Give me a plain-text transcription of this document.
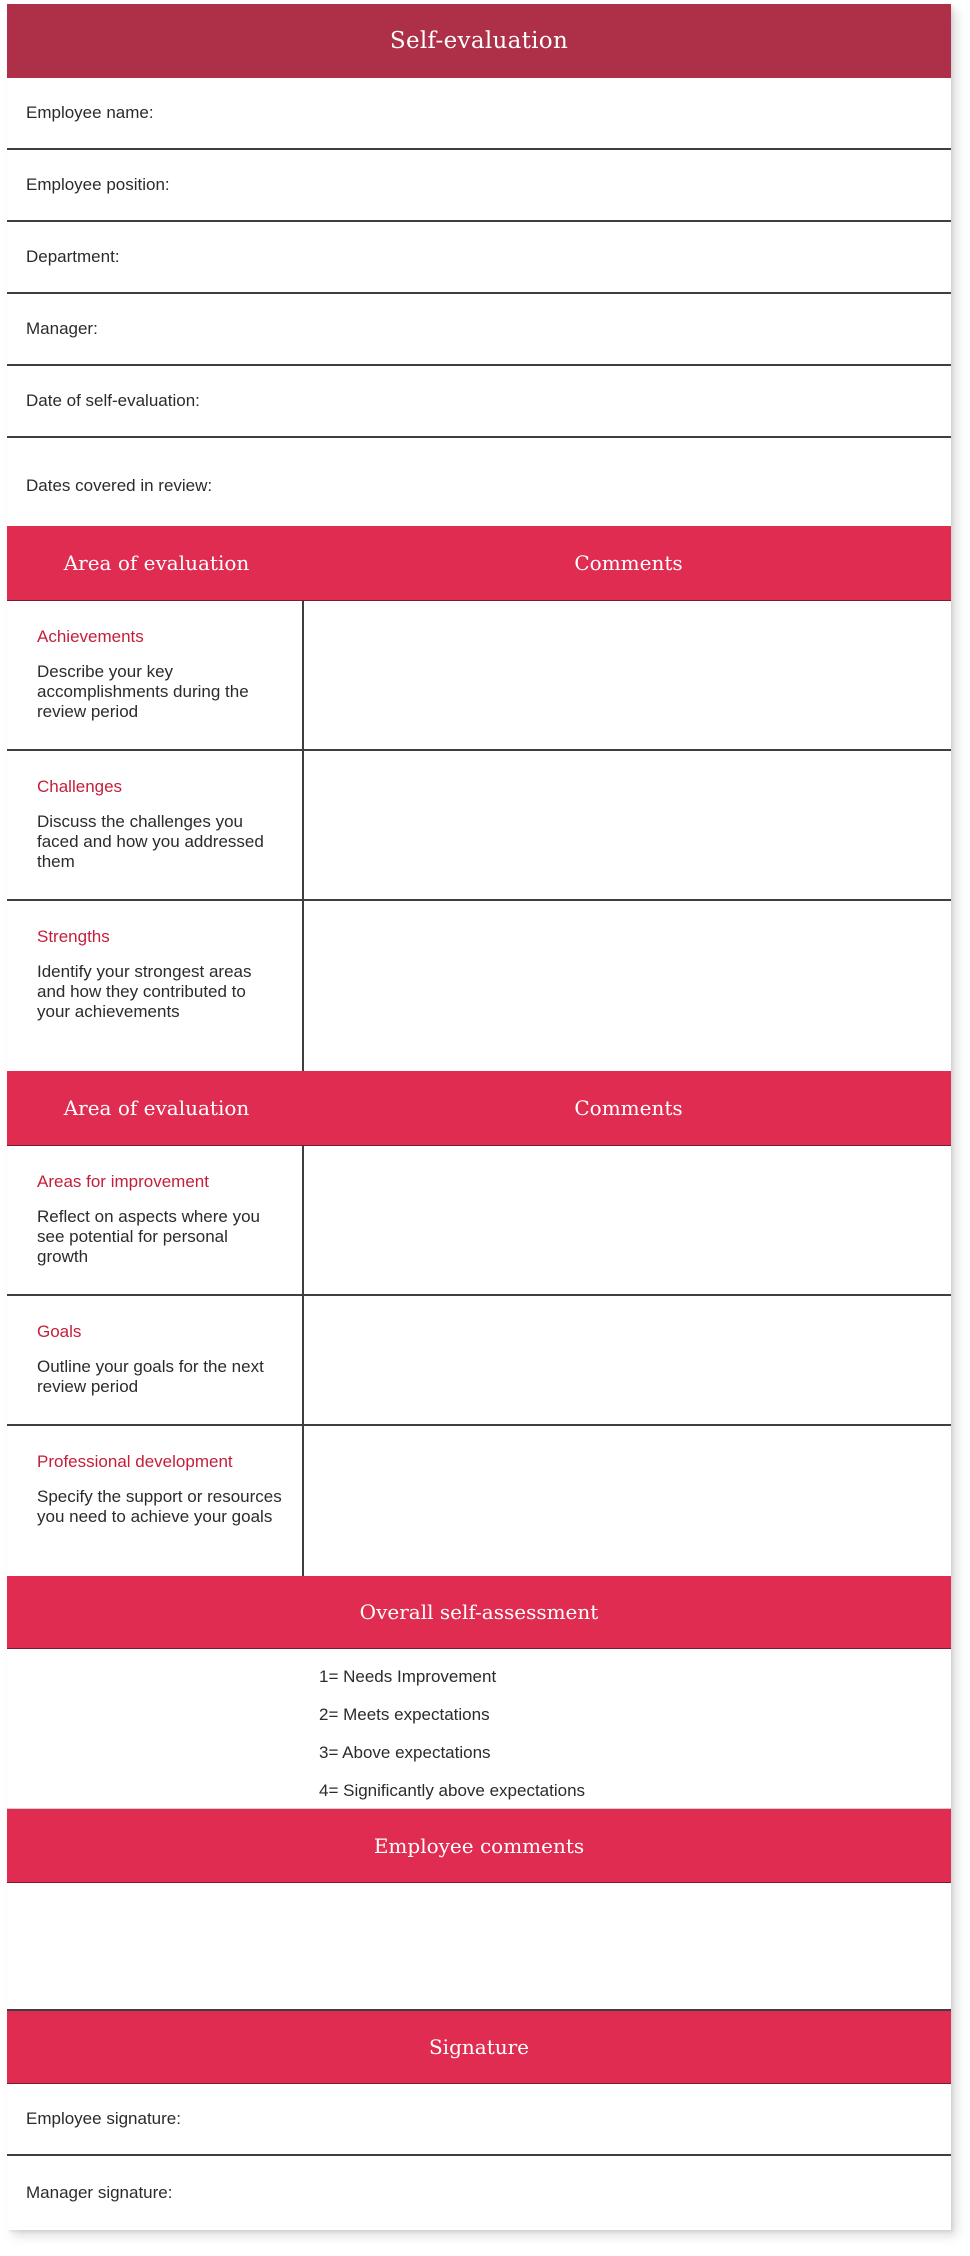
Self-evaluation
Employee name:
Employee position:
Department:
Manager:
Date of self-evaluation:
Dates covered in review:
Area of evaluation	Comments
Achievements
Describe your key accomplishments during the review period
Challenges
Discuss the challenges you faced and how you addressed them
Strengths
Identify your strongest areas and how they contributed to your achievements
Area of evaluation	Comments
Areas for improvement
Reflect on aspects where you see potential for personal growth
Goals
Outline your goals for the next review period
Professional development
Specify the support or resources you need to achieve your goals
Overall self-assessment
1= Needs Improvement
2= Meets expectations
3= Above expectations
4= Significantly above expectations
Employee comments
Signature
Employee signature:
Manager signature:
